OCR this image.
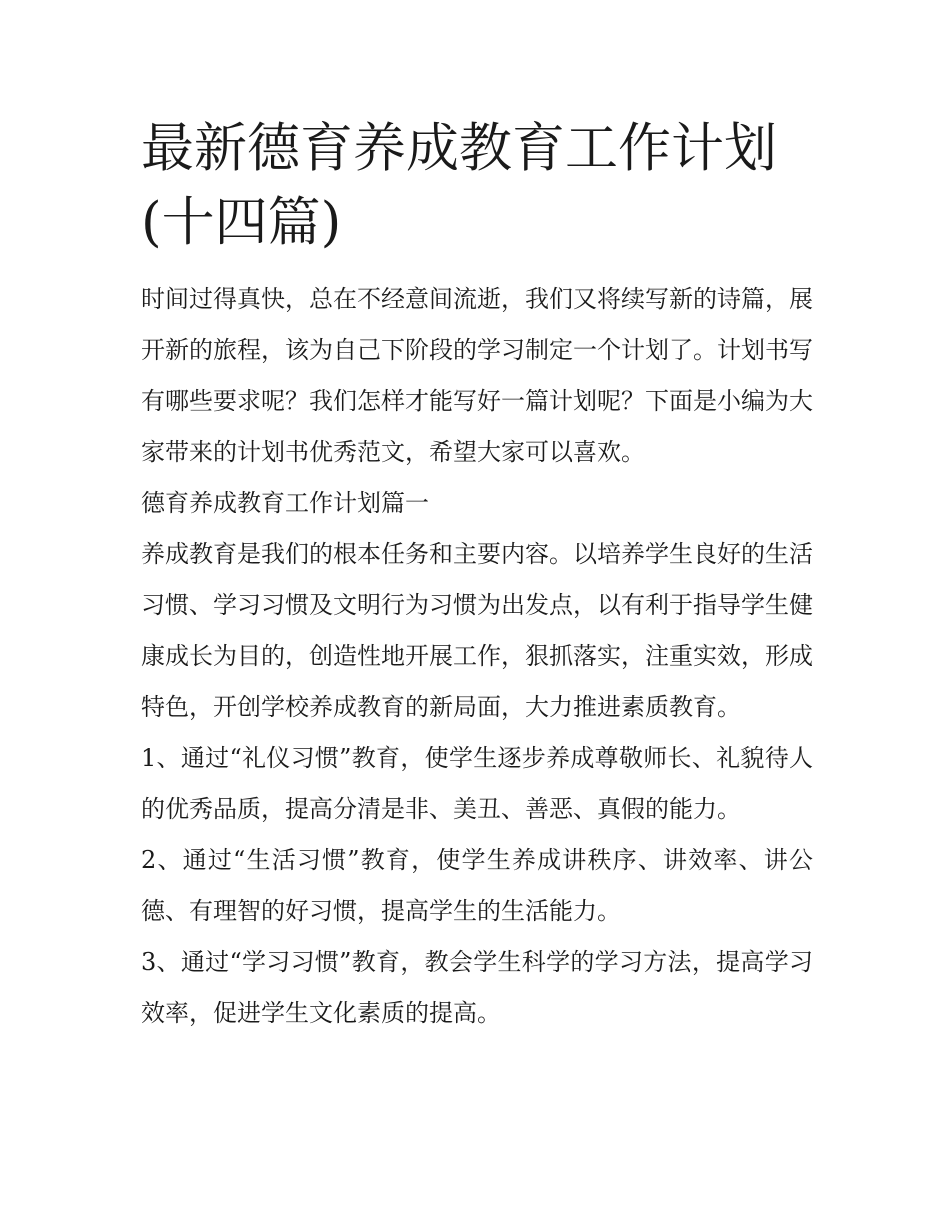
最新德育养成教育工作计划(十四篇)

时间过得真快，总在不经意间流逝，我们又将续写新的诗篇，展开新的旅程，该为自己下阶段的学习制定一个计划了。计划书写有哪些要求呢？我们怎样才能写好一篇计划呢？下面是小编为大家带来的计划书优秀范文，希望大家可以喜欢。

德育养成教育工作计划篇一

养成教育是我们的根本任务和主要内容。以培养学生良好的生活习惯、学习习惯及文明行为习惯为出发点，以有利于指导学生健康成长为目的，创造性地开展工作，狠抓落实，注重实效，形成特色，开创学校养成教育的新局面，大力推进素质教育。

1、通过“礼仪习惯”教育，使学生逐步养成尊敬师长、礼貌待人的优秀品质，提高分清是非、美丑、善恶、真假的能力。

2、通过“生活习惯”教育，使学生养成讲秩序、讲效率、讲公德、有理智的好习惯，提高学生的生活能力。

3、通过“学习习惯”教育，教会学生科学的学习方法，提高学习效率，促进学生文化素质的提高。
